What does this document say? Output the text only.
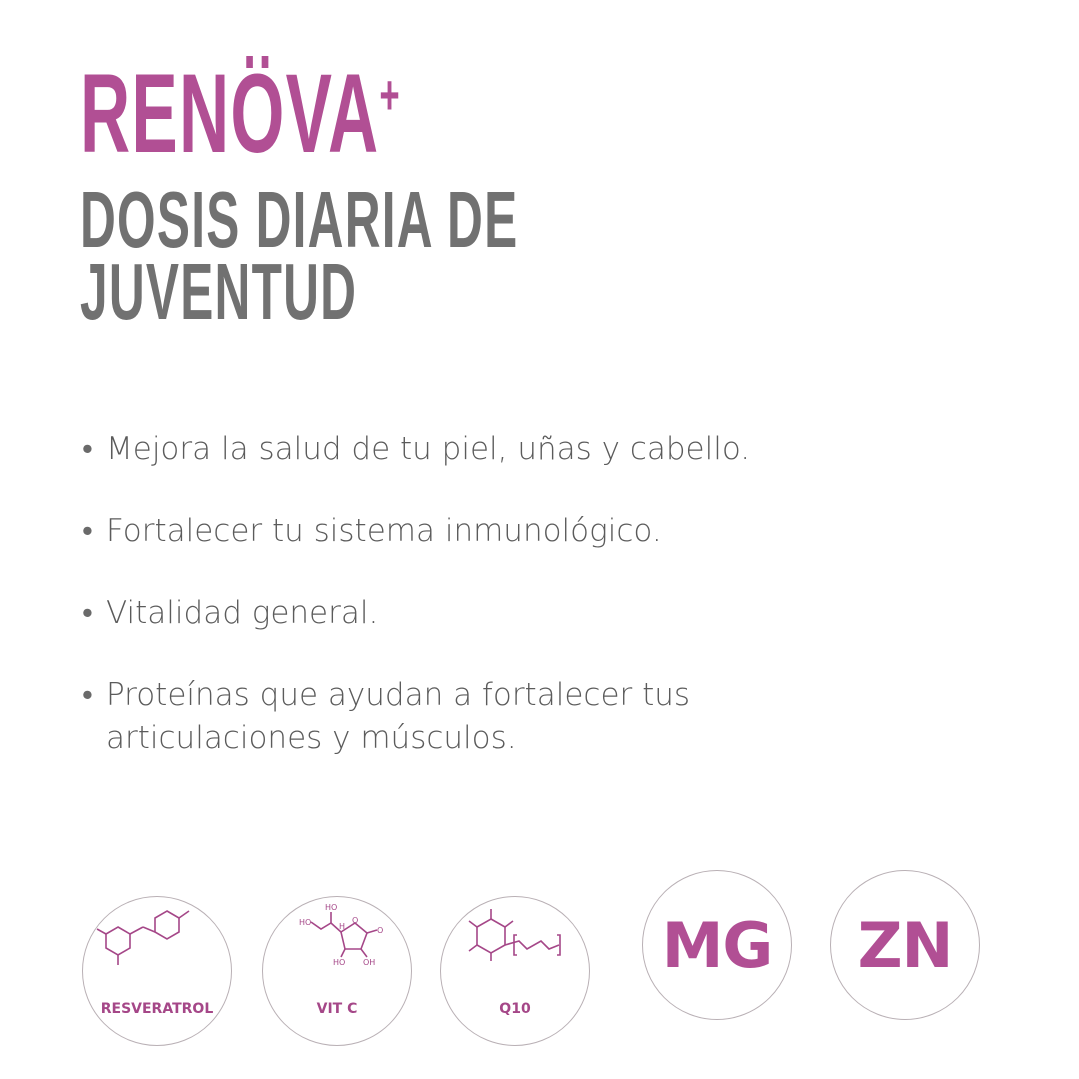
RENÖVA+
DOSIS DIARIA DE
JUVENTUD
• Mejora la salud de tu piel, uñas y cabello.
• Fortalecer tu sistema inmunológico.
• Vitalidad general.
• Proteínas que ayudan a fortalecer tus articulaciones y músculos.
RESVERATROL
HO
HO	H
O
O
HO OH
VIT C	Q10
MG	ZN
